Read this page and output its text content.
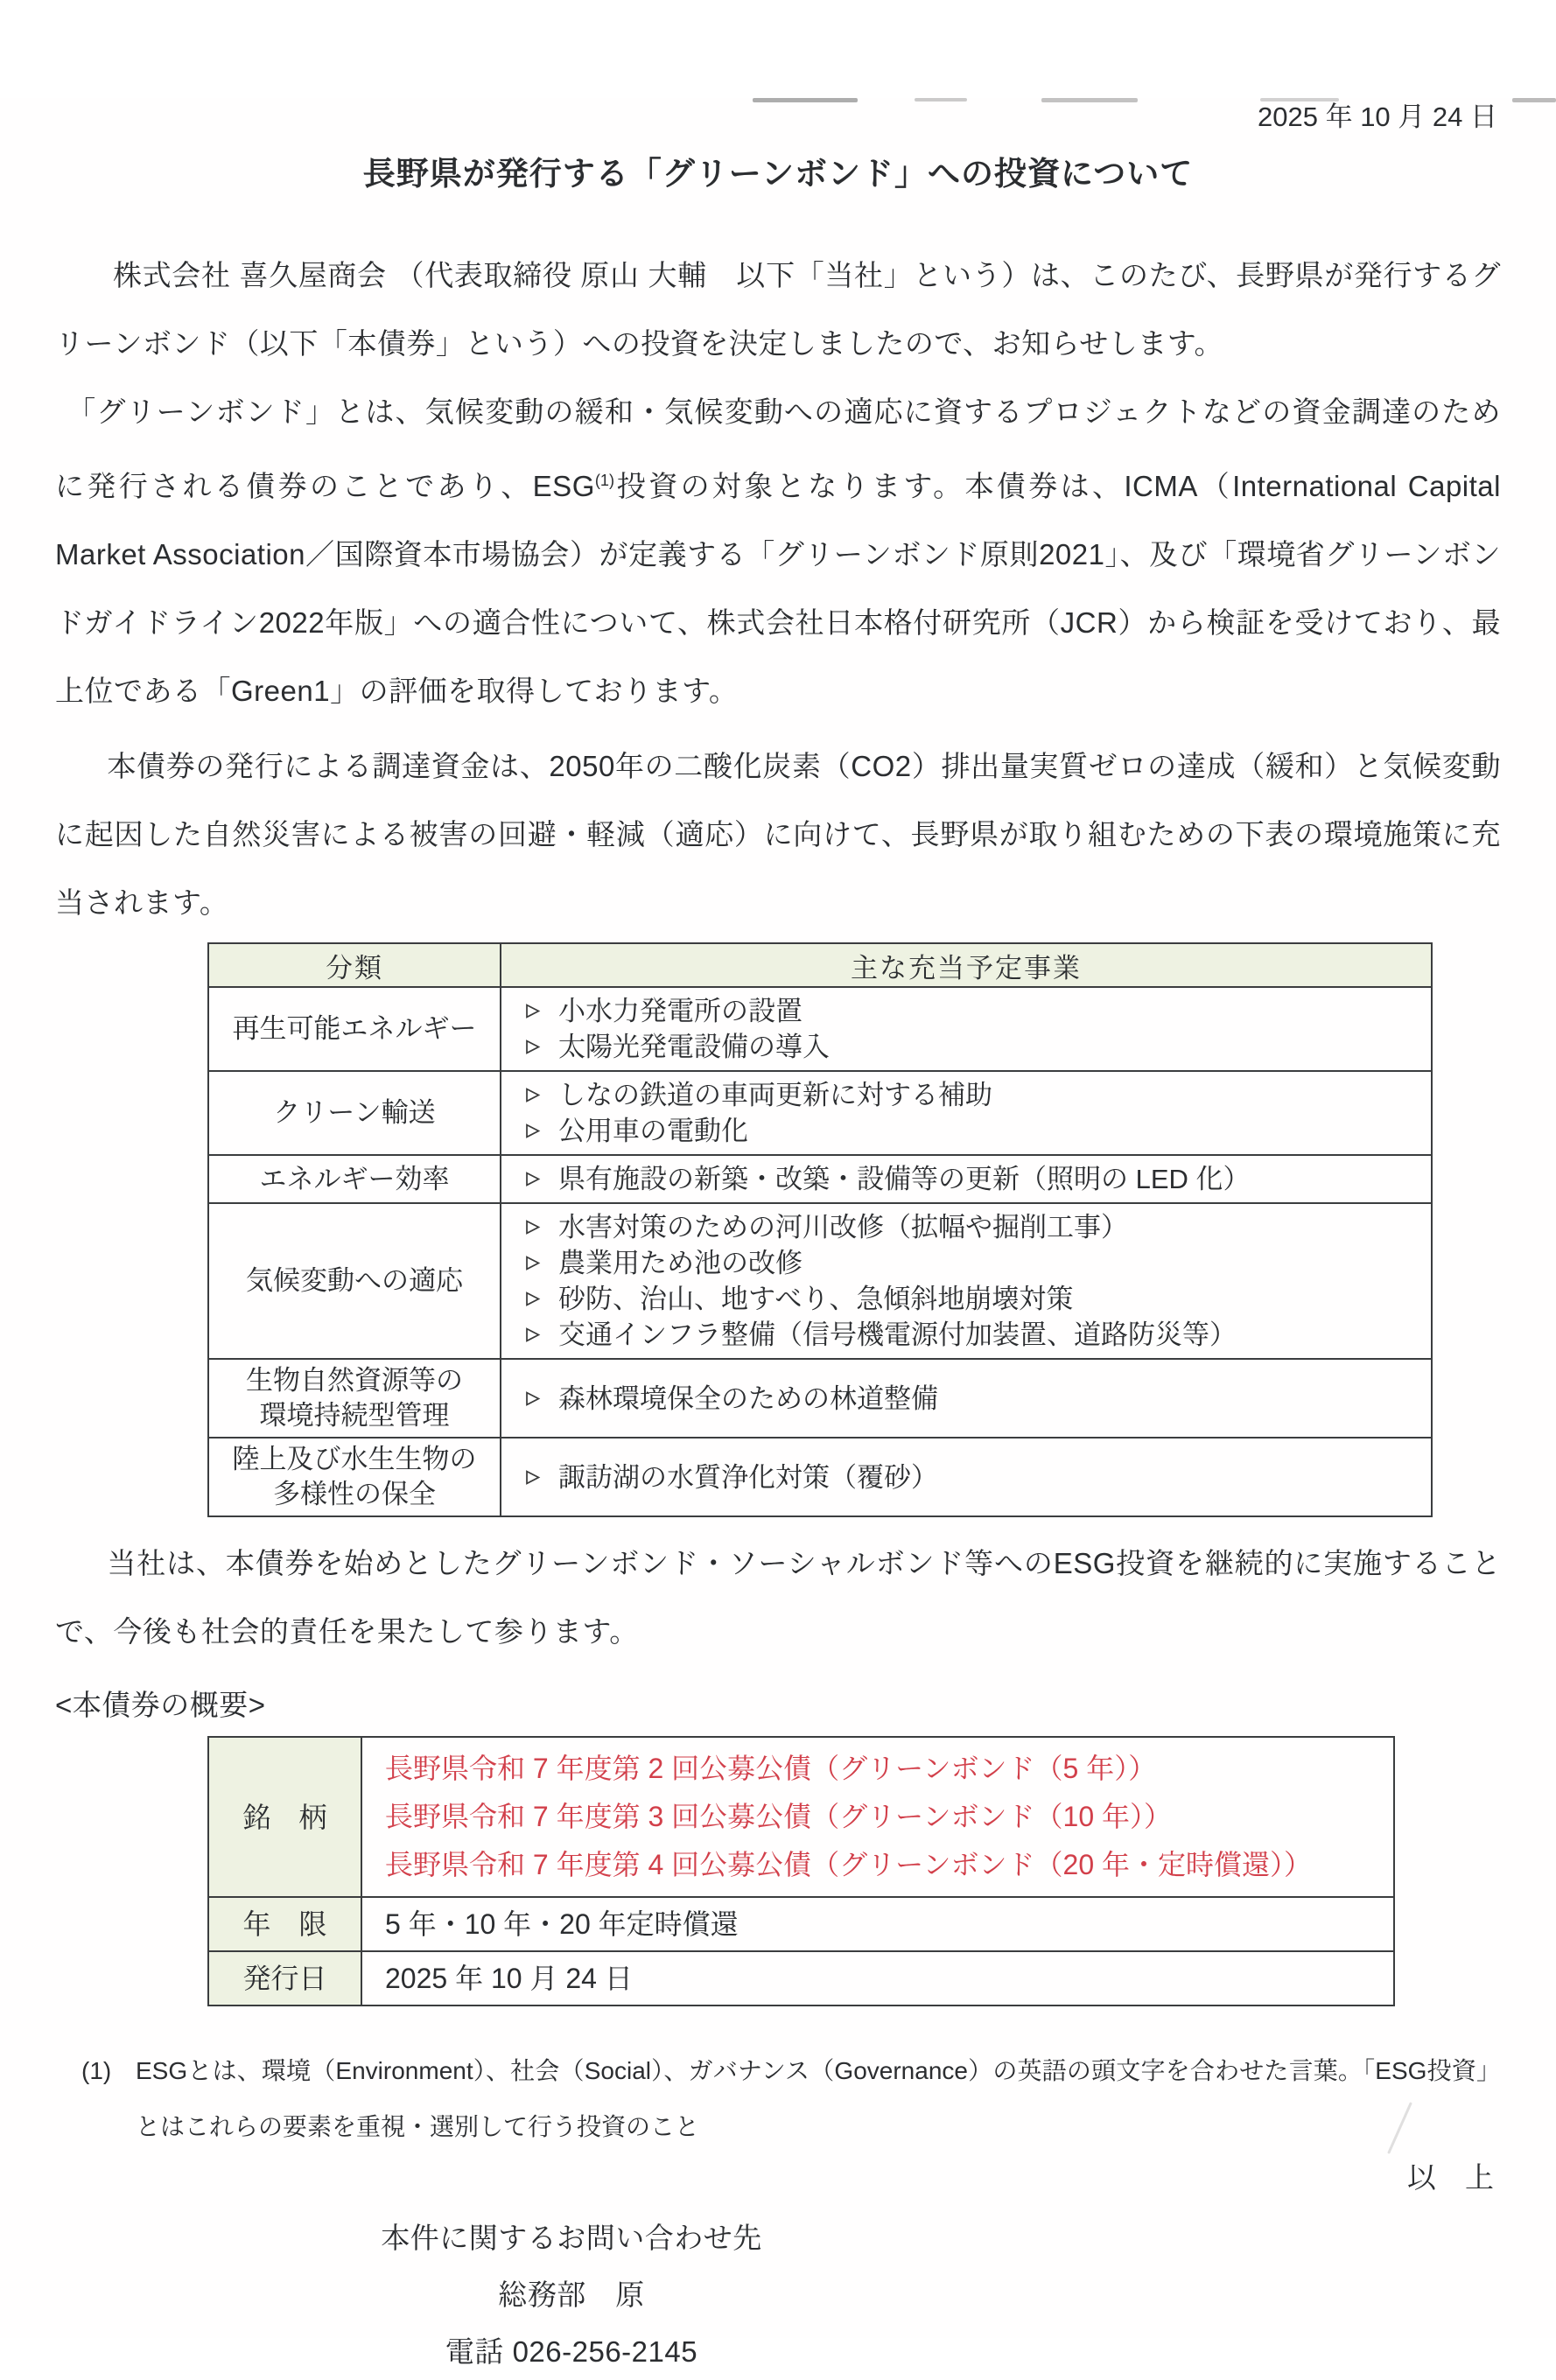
2025 年 10 月 24 日
長野県が発行する「グリーンボンド」への投資について

株式会社 喜久屋商会 （代表取締役 原山 大輔　以下「当社」という）は、このたび、長野県が発行するグリーンボンド（以下「本債券」という）への投資を決定しましたので、お知らせします。

「グリーンボンド」とは、気候変動の緩和・気候変動への適応に資するプロジェクトなどの資金調達のために発行される債券のことであり、ESG$^{(1)}$投資の対象となります。本債券は、ICMA（International Capital Market Association／国際資本市場協会）が定義する「グリーンボンド原則2021」、及び「環境省グリーンボンドガイドライン2022年版」への適合性について、株式会社日本格付研究所（JCR）から検証を受けており、最上位である「Green1」の評価を取得しております。

本債券の発行による調達資金は、2050年の二酸化炭素（CO2）排出量実質ゼロの達成（緩和）と気候変動に起因した自然災害による被害の回避・軽減（適応）に向けて、長野県が取り組むための下表の環境施策に充当されます。

分類	主な充当予定事業

再生可能エネルギー	小水力発電所の設置
太陽光発電設備の導入

クリーン輸送	しなの鉄道の車両更新に対する補助
公用車の電動化

エネルギー効率	県有施設の新築・改築・設備等の更新（照明の LED 化）

気候変動への適応	水害対策のための河川改修（拡幅や掘削工事）
農業用ため池の改修
砂防、治山、地すべり、急傾斜地崩壊対策
交通インフラ整備（信号機電源付加装置、道路防災等）

生物自然資源等の
環境持続型管理	森林環境保全のための林道整備

陸上及び水生生物の
多様性の保全	諏訪湖の水質浄化対策（覆砂）

当社は、本債券を始めとしたグリーンボンド・ソーシャルボンド等へのESG投資を継続的に実施することで、今後も社会的責任を果たして参ります。

<本債券の概要>
銘　柄	長野県令和 7 年度第 2 回公募公債（グリーンボンド（5 年））
長野県令和 7 年度第 3 回公募公債（グリーンボンド（10 年））
長野県令和 7 年度第 4 回公募公債（グリーンボンド（20 年・定時償還））

年　限	5 年・10 年・20 年定時償還
発行日	2025 年 10 月 24 日
(1) ESGとは、環境（Environment）、社会（Social）、ガバナンス（Governance）の英語の頭文字を合わせた言葉。「ESG投資」とはこれらの要素を重視・選別して行う投資のこと
以　上
本件に関するお問い合わせ先
総務部　原
電話 026-256-2145
